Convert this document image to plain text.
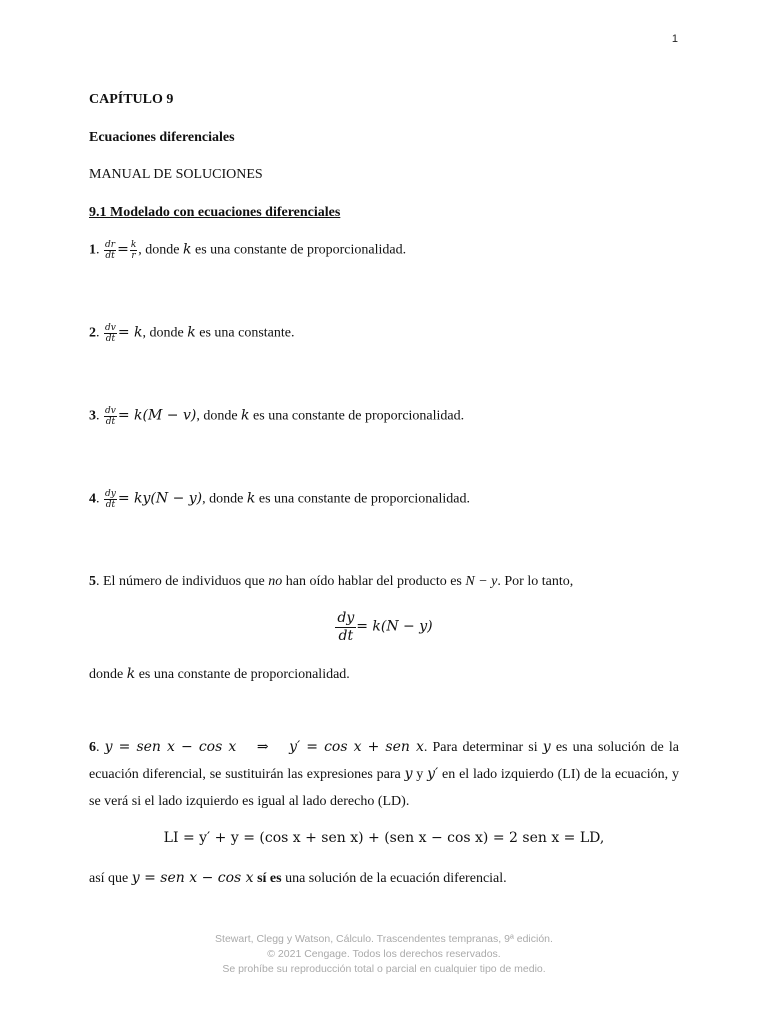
1
CAPÍTULO 9
Ecuaciones diferenciales
MANUAL DE SOLUCIONES
9.1 Modelado con ecuaciones diferenciales
1. $\frac{dr}{dt} = \frac{k}{r}$ , donde k es una constante de proporcionalidad.
2. $\frac{dv}{dt} = k$, donde k es una constante.
3. $\frac{dv}{dt} = k(M - v)$, donde k es una constante de proporcionalidad.
4. $\frac{dy}{dt} = ky(N - y)$, donde k es una constante de proporcionalidad.
5. El número de individuos que no han oído hablar del producto es N − y. Por lo tanto,
$\frac{dy}{dt} = k(N - y)$
donde k es una constante de proporcionalidad.
6. y = sen x − cos x ⇒ y′ = cos x + sen x. Para determinar si y es una solución de la ecuación diferencial, se sustituirán las expresiones para y y y′ en el lado izquierdo (LI) de la ecuación, y se verá si el lado izquierdo es igual al lado derecho (LD).
LI = y′ + y = (cos x + sen x) + (sen x − cos x) = 2 sen x = LD,
así que y = sen x − cos x sí es una solución de la ecuación diferencial.
Stewart, Clegg y Watson, Cálculo. Trascendentes tempranas, 9ª edición.
© 2021 Cengage. Todos los derechos reservados.
Se prohíbe su reproducción total o parcial en cualquier tipo de medio.
